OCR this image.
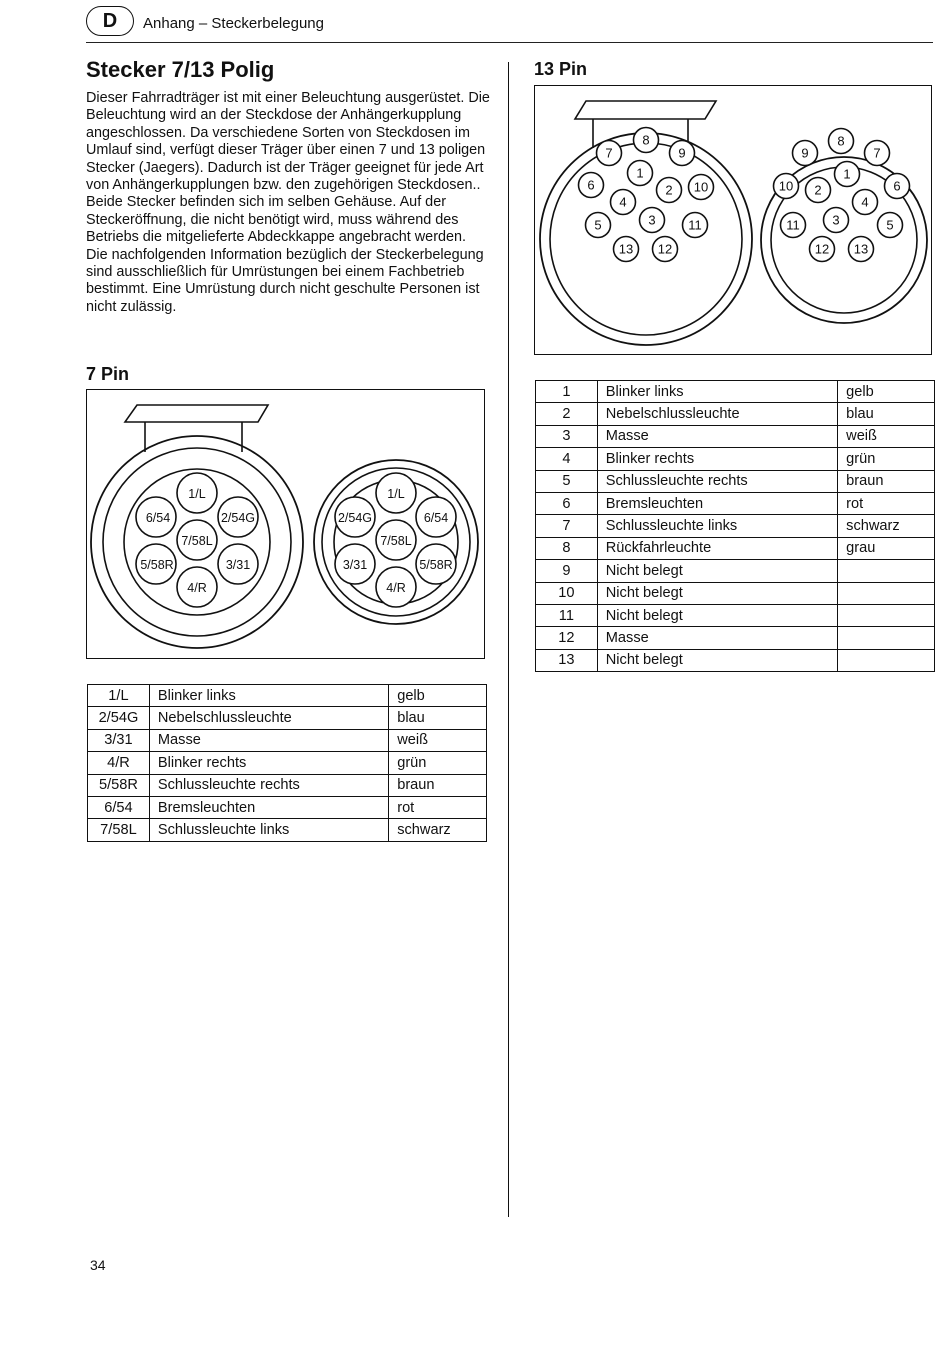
D Anhang – Steckerbelegung
Stecker 7/13 Polig

Dieser Fahrradträger ist mit einer Beleuchtung ausgerüstet. Die Beleuchtung wird an der Steckdose der Anhängerkupplung angeschlossen. Da verschiedene Sorten von Steckdosen im Umlauf sind, verfügt dieser Träger über einen 7 und 13 poligen Stecker (Jaegers). Dadurch ist der Träger geeignet für jede Art von Anhängerkupplungen bzw. den zugehörigen Steckdosen.. Beide Stecker befinden sich im selben Gehäuse. Auf der Steckeröffnung, die nicht benötigt wird, muss während des Betriebs die mitgelieferte Abdeckkappe angebracht werden.

Die nachfolgenden Information bezüglich der Steckerbelegung sind ausschließlich für Umrüstungen bei einem Fachbetrieb bestimmt. Eine Umrüstung durch nicht geschulte Personen ist nicht zulässig.

7 Pin
1/L
6/54	2/54G
7/58L
5/58R	3/31
4/R
1/L
2/54G	6/54
7/58L
3/31	5/58R
4/R
1/L	Blinker links	gelb
2/54G	Nebelschlussleuchte	blau
3/31	Masse	weiß
4/R	Blinker rechts	grün
5/58R	Schlussleuchte rechts	braun
6/54	Bremsleuchten	rot
7/58L	Schlussleuchte links	schwarz
13 Pin
8
7	9
1
6	2 10
4
3
5	11
13 12
8
9	7
1
10 2	6
4
3
11	5
12 13
1	Blinker links	gelb
2	Nebelschlussleuchte	blau
3	Masse	weiß
4	Blinker rechts	grün
5	Schlussleuchte rechts	braun
6	Bremsleuchten	rot
7	Schlussleuchte links	schwarz
8	Rückfahrleuchte	grau
9	Nicht belegt	
10	Nicht belegt	
11	Nicht belegt	
12	Masse	
13	Nicht belegt	
34
